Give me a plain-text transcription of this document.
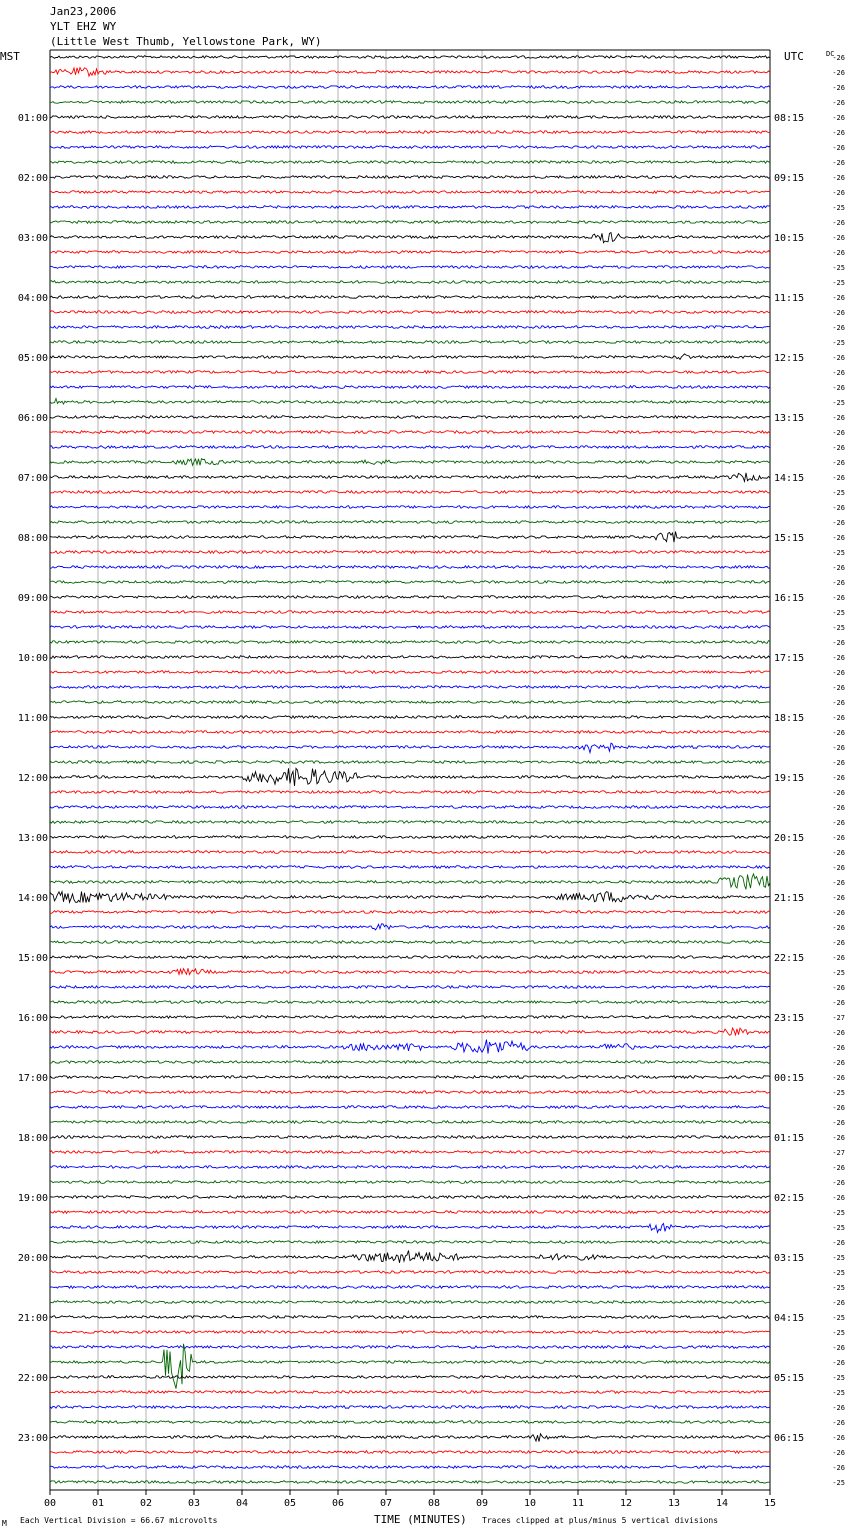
Jan23,2006
YLT EHZ WY
(Little West Thumb, Yellowstone Park, WY)
MST	UTC	DC
01:00
02:00
03:00
04:00
05:00
06:00
07:00
08:00
09:00
10:00
11:00
12:00
13:00
14:00
15:00
16:00
17:00
18:00
19:00
20:00
21:00
22:00
23:00
08:15
09:15
10:15
11:15
12:15
13:15
14:15
15:15
16:15
17:15
18:15
19:15
20:15
21:15
22:15
23:15
00:15
01:15
02:15
03:15
04:15
05:15
06:15
-26
-26
-26
-26
-26
-26
-26
-26
-26
-26
-25
-26
-26
-26
-25
-25
-26
-26
-26
-25
-26
-26
-26
-25
-26
-26
-26
-26
-26
-25
-26
-26
-26
-25
-26
-26
-26
-25
-25
-26
-26
-26
-26
-26
-26
-26
-26
-26
-26
-26
-26
-26
-26
-26
-26
-26
-26
-26
-26
-26
-26
-25
-26
-26
-27
-26
-26
-26
-26
-25
-26
-26
-26
-27
-26
-26
-26
-25
-25
-26
-25
-25
-25
-26
-25
-25
-26
-26
-25
-25
-26
-26
-26
-26
-26
-25
00	01	02	03	04	05	06	07	08	09	10	11	12	13	14	15
M Each Vertical Division = 66.67 microvolts	TIME (MINUTES) Traces clipped at plus/minus 5 vertical divisions
